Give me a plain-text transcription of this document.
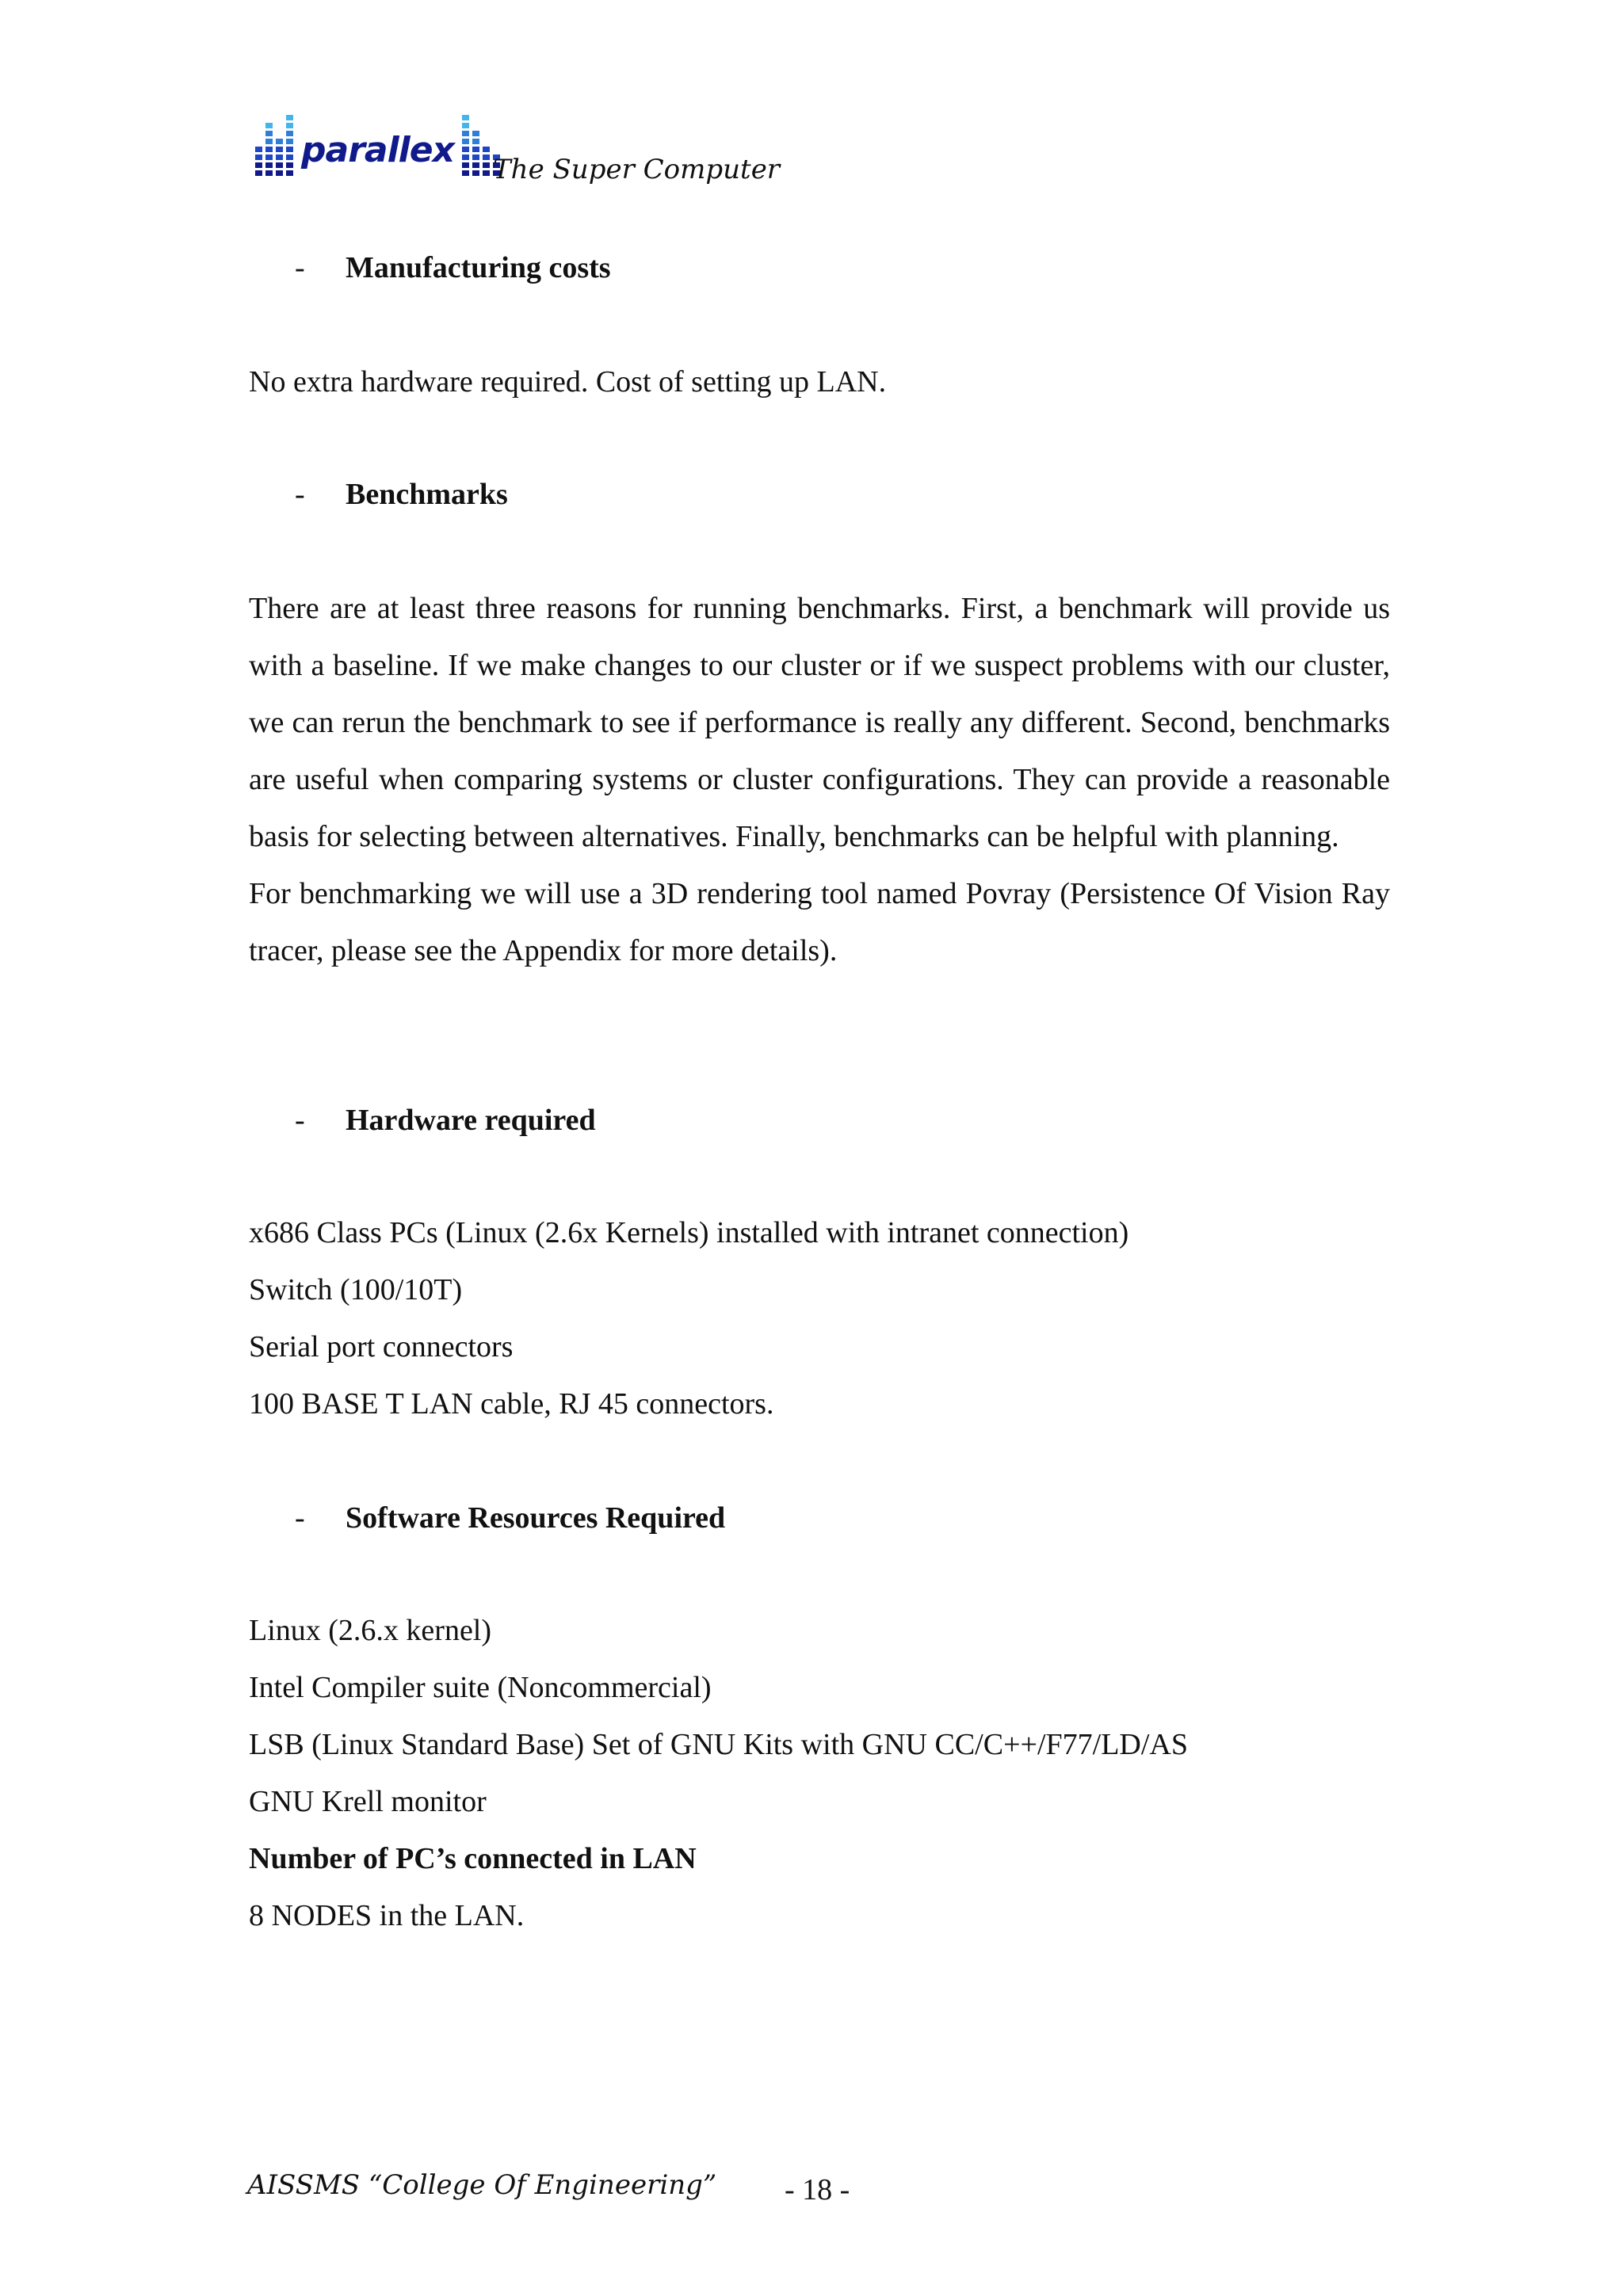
parallex The Super Computer
- Manufacturing costs

No extra hardware required. Cost of setting up LAN.

- Benchmarks

There are at least three reasons for running benchmarks. First, a benchmark will provide us with a baseline. If we make changes to our cluster or if we suspect problems with our cluster, we can rerun the benchmark to see if performance is really any different. Second, benchmarks are useful when comparing systems or cluster configurations. They can provide a reasonable basis for selecting between alternatives. Finally, benchmarks can be helpful with planning.

For benchmarking we will use a 3D rendering tool named Povray (Persistence Of Vision Ray tracer, please see the Appendix for more details).

- Hardware required

x686 Class PCs (Linux (2.6x Kernels) installed with intranet connection)

Switch (100/10T)

Serial port connectors

100 BASE T LAN cable, RJ 45 connectors.

- Software Resources Required

Linux (2.6.x kernel)

Intel Compiler suite (Noncommercial)

LSB (Linux Standard Base) Set of GNU Kits with GNU CC/C++/F77/LD/AS

GNU Krell monitor

Number of PC’s connected in LAN

8 NODES in the LAN.

AISSMS “College Of Engineering” - 18 -
